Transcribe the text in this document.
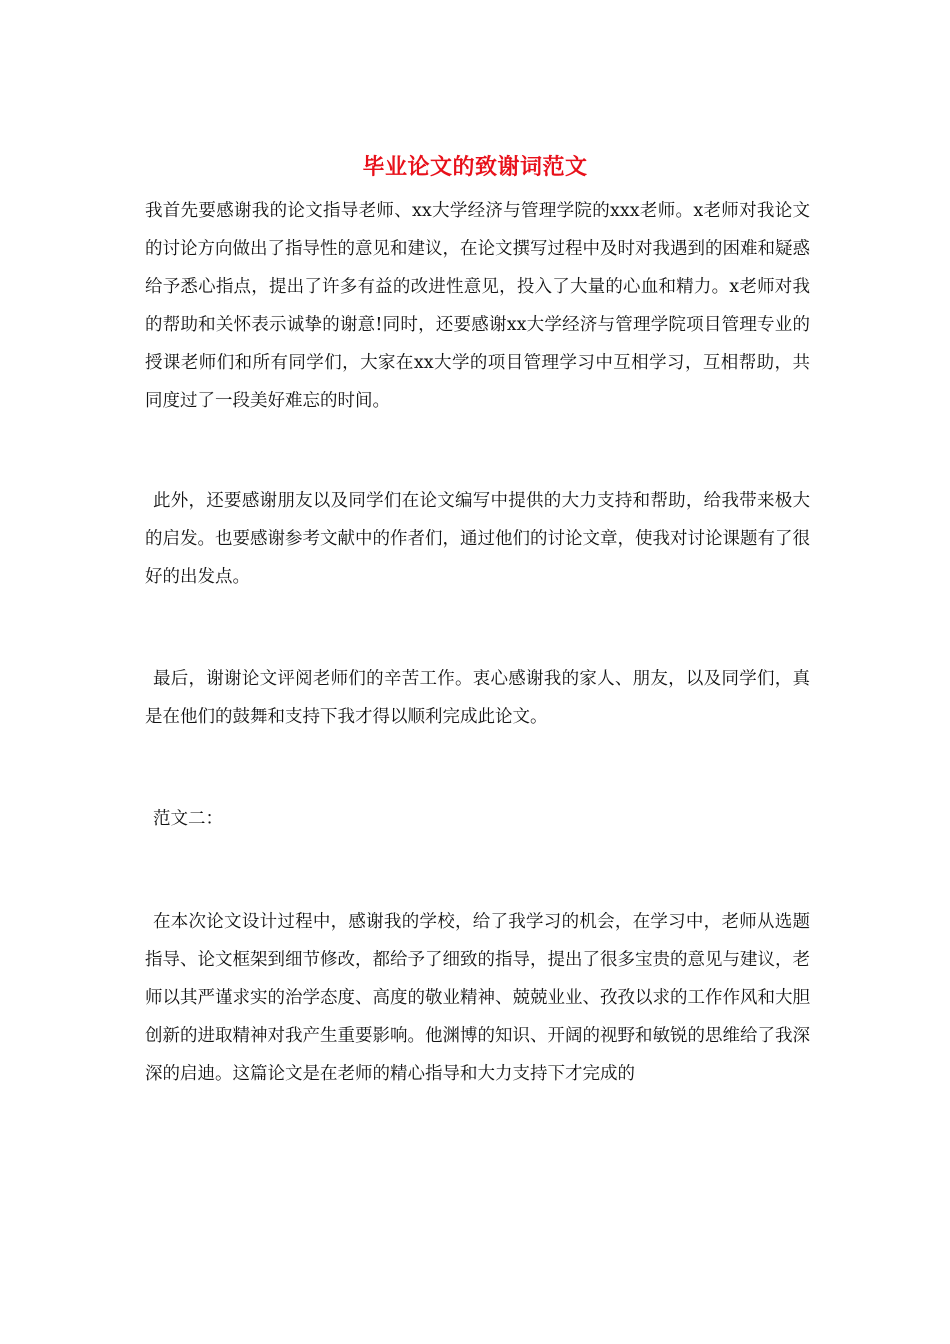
毕业论文的致谢词范文

我首先要感谢我的论文指导老师、xx大学经济与管理学院的xxx老师。x老师对我论文的讨论方向做出了指导性的意见和建议，在论文撰写过程中及时对我遇到的困难和疑惑给予悉心指点，提出了许多有益的改进性意见，投入了大量的心血和精力。x老师对我的帮助和关怀表示诚挚的谢意!同时，还要感谢xx大学经济与管理学院项目管理专业的授课老师们和所有同学们，大家在xx大学的项目管理学习中互相学习，互相帮助，共同度过了一段美好难忘的时间。

此外，还要感谢朋友以及同学们在论文编写中提供的大力支持和帮助，给我带来极大的启发。也要感谢参考文献中的作者们，通过他们的讨论文章，使我对讨论课题有了很好的出发点。

最后，谢谢论文评阅老师们的辛苦工作。衷心感谢我的家人、朋友，以及同学们，真是在他们的鼓舞和支持下我才得以顺利完成此论文。

范文二：

在本次论文设计过程中，感谢我的学校，给了我学习的机会，在学习中，老师从选题指导、论文框架到细节修改，都给予了细致的指导，提出了很多宝贵的意见与建议，老师以其严谨求实的治学态度、高度的敬业精神、兢兢业业、孜孜以求的工作作风和大胆创新的进取精神对我产生重要影响。他渊博的知识、开阔的视野和敏锐的思维给了我深深的启迪。这篇论文是在老师的精心指导和大力支持下才完成的
